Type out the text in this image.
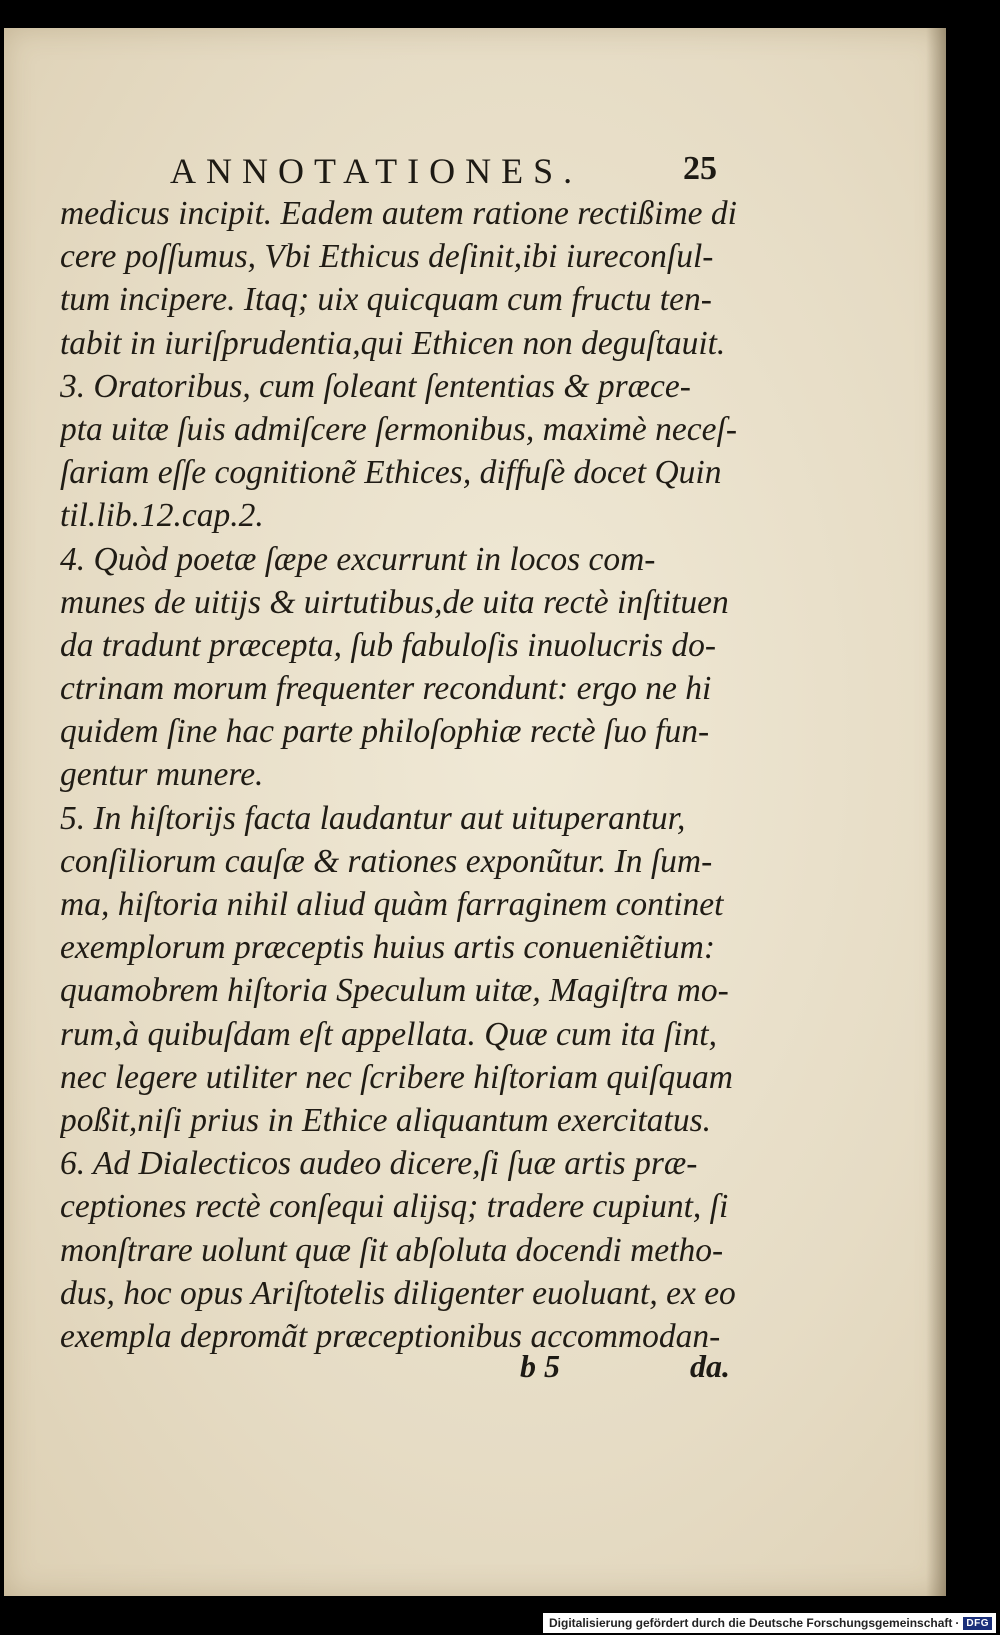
ANNOTATIONES.	25
medicus incipit. Eadem autem ratione rectißime di
cere poſſumus, Vbi Ethicus deſinit,ibi iureconſul-
tum incipere. Itaq; uix quicquam cum fructu ten-
tabit in iuriſprudentia,qui Ethicen non deguſtauit.
3. Oratoribus, cum ſoleant ſententias & præce-
pta uitæ ſuis admiſcere ſermonibus, maximè neceſ-
ſariam eſſe cognitionẽ Ethices, diffuſè docet Quin
til.lib.12.cap.2.
4. Quòd poetæ ſæpe excurrunt in locos com-
munes de uitijs & uirtutibus,de uita rectè inſtituen
da tradunt præcepta, ſub fabuloſis inuolucris do-
ctrinam morum frequenter recondunt: ergo ne hi
quidem ſine hac parte philoſophiæ rectè ſuo fun-
gentur munere.
5. In hiſtorijs facta laudantur aut uituperantur,
conſiliorum cauſæ & rationes exponũtur. In ſum-
ma, hiſtoria nihil aliud quàm farraginem continet
exemplorum præceptis huius artis conueniẽtium:
quamobrem hiſtoria Speculum uitæ, Magiſtra mo-
rum,à quibuſdam eſt appellata. Quæ cum ita ſint,
nec legere utiliter nec ſcribere hiſtoriam quiſquam
poßit,niſi prius in Ethice aliquantum exercitatus.
6. Ad Dialecticos audeo dicere,ſi ſuæ artis præ-
ceptiones rectè conſequi alijsq; tradere cupiunt, ſi
monſtrare uolunt quæ ſit abſoluta docendi metho-
dus, hoc opus Ariſtotelis diligenter euoluant, ex eo
exempla depromãt præceptionibus accommodan-
b 5	da.
Digitalisierung gefördert durch die Deutsche Forschungsgemeinschaft · DFG
